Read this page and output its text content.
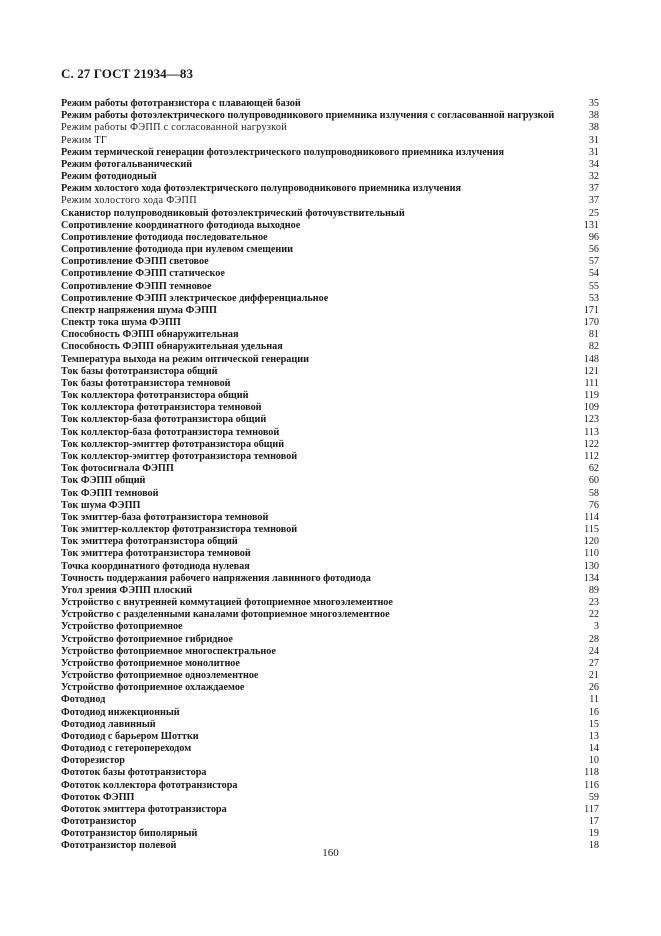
С. 27 ГОСТ 21934—83
Режим работы фототранзистора с плавающей базой	35
Режим работы фотоэлектрического полупроводникового приемника излучения с согласованной нагрузкой	38
Режим работы ФЭПП с согласованной нагрузкой	38
Режим ТГ	31
Режим термической генерации фотоэлектрического полупроводникового приемника излучения	31
Режим фотогальванический	34
Режим фотодиодный	32
Режим холостого хода фотоэлектрического полупроводникового приемника излучения	37
Режим холостого хода ФЭПП	37
Сканистор полупроводниковый фотоэлектрический фоточувствительный	25
Сопротивление координатного фотодиода выходное	131
Сопротивление фотодиода последовательное	96
Сопротивление фотодиода при нулевом смещении	56
Сопротивление ФЭПП световое	57
Сопротивление ФЭПП статическое	54
Сопротивление ФЭПП темновое	55
Сопротивление ФЭПП электрическое дифференциальное	53
Спектр напряжения шума ФЭПП	171
Спектр тока шума ФЭПП	170
Способность ФЭПП обнаружительная	81
Способность ФЭПП обнаружительная удельная	82
Температура выхода на режим оптической генерации	148
Ток базы фототранзистора общий	121
Ток базы фототранзистора темновой	111
Ток коллектора фототранзистора общий	119
Ток коллектора фототранзистора темновой	109
Ток коллектор-база фототранзистора общий	123
Ток коллектор-база фототранзистора темновой	113
Ток коллектор-эмиттер фототранзистора общий	122
Ток коллектор-эмиттер фототранзистора темновой	112
Ток фотосигнала ФЭПП	62
Ток ФЭПП общий	60
Ток ФЭПП темновой	58
Ток шума ФЭПП	76
Ток эмиттер-база фототранзистора темновой	114
Ток эмиттер-коллектор фототранзистора темновой	115
Ток эмиттера фототранзистора общий	120
Ток эмиттера фототранзистора темновой	110
Точка координатного фотодиода нулевая	130
Точность поддержания рабочего напряжения лавинного фотодиода	134
Угол зрения ФЭПП плоский	89
Устройство с внутренней коммутацией фотоприемное многоэлементное	23
Устройство с разделенными каналами фотоприемное многоэлементное	22
Устройство фотоприемное	3
Устройство фотоприемное гибридное	28
Устройство фотоприемное многоспектральное	24
Устройство фотоприемное монолитное	27
Устройство фотоприемное одноэлементное	21
Устройство фотоприемное охлаждаемое	26
Фотодиод	11
Фотодиод инжекционный	16
Фотодиод лавинный	15
Фотодиод с барьером Шоттки	13
Фотодиод с гетеропереходом	14
Фоторезистор	10
Фототок базы фототранзистора	118
Фототок коллектора фототранзистора	116
Фототок ФЭПП	59
Фототок эмиттера фототранзистора	117
Фототранзистор	17
Фототранзистор биполярный	19
Фототранзистор полевой	18
160
